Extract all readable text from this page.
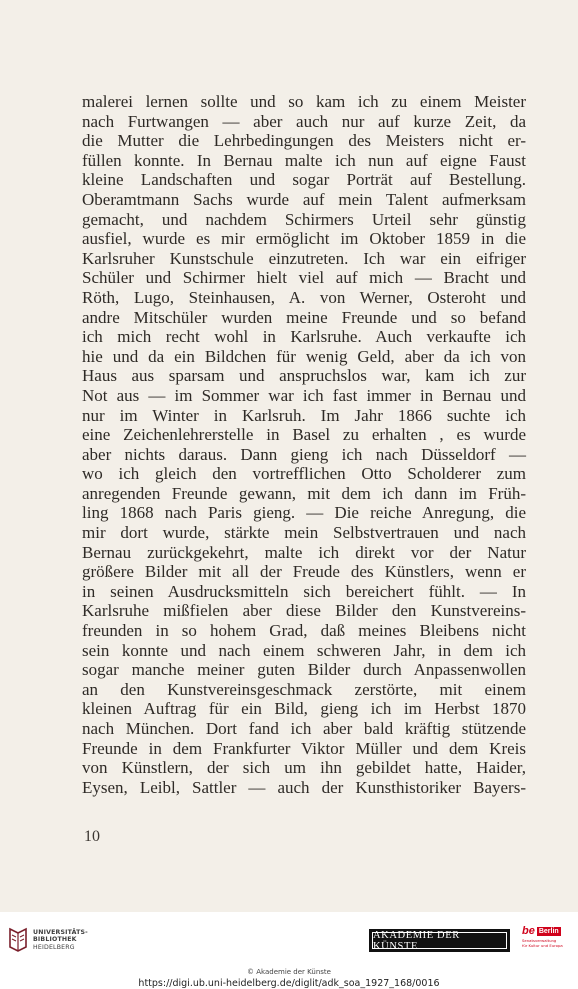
malerei lernen sollte und so kam ich zu einem Meister
nach Furtwangen — aber auch nur auf kurze Zeit, da
die Mutter die Lehrbedingungen des Meisters nicht er-
füllen konnte. In Bernau malte ich nun auf eigne Faust
kleine Landschaften und sogar Porträt auf Bestellung.
Oberamtmann Sachs wurde auf mein Talent aufmerksam
gemacht, und nachdem Schirmers Urteil sehr günstig
ausfiel, wurde es mir ermöglicht im Oktober 1859 in die
Karlsruher Kunstschule einzutreten. Ich war ein eifriger
Schüler und Schirmer hielt viel auf mich — Bracht und
Röth, Lugo, Steinhausen, A. von Werner, Osteroht und
andre Mitschüler wurden meine Freunde und so befand
ich mich recht wohl in Karlsruhe. Auch verkaufte ich
hie und da ein Bildchen für wenig Geld, aber da ich von
Haus aus sparsam und anspruchslos war, kam ich zur
Not aus — im Sommer war ich fast immer in Bernau und
nur im Winter in Karlsruh. Im Jahr 1866 suchte ich
eine Zeichenlehrerstelle in Basel zu erhalten , es wurde
aber nichts daraus. Dann gieng ich nach Düsseldorf —
wo ich gleich den vortrefflichen Otto Scholderer zum
anregenden Freunde gewann, mit dem ich dann im Früh-
ling 1868 nach Paris gieng. — Die reiche Anregung, die
mir dort wurde, stärkte mein Selbstvertrauen und nach
Bernau zurückgekehrt, malte ich direkt vor der Natur
größere Bilder mit all der Freude des Künstlers, wenn er
in seinen Ausdrucksmitteln sich bereichert fühlt. — In
Karlsruhe mißfielen aber diese Bilder den Kunstvereins-
freunden in so hohem Grad, daß meines Bleibens nicht
sein konnte und nach einem schweren Jahr, in dem ich
sogar manche meiner guten Bilder durch Anpassenwollen
an den Kunstvereinsgeschmack zerstörte, mit einem
kleinen Auftrag für ein Bild, gieng ich im Herbst 1870
nach München. Dort fand ich aber bald kräftig stützende
Freunde in dem Frankfurter Viktor Müller und dem Kreis
von Künstlern, der sich um ihn gebildet hatte, Haider,
Eysen, Leibl, Sattler — auch der Kunsthistoriker Bayers-
10
UNIVERSITÄTS-
BIBLIOTHEK
HEIDELBERG
AKADEMIE DER KÜNSTE
be Berlin
Senatsverwaltung
für Kultur und Europa
© Akademie der Künste
https://digi.ub.uni-heidelberg.de/diglit/adk_soa_1927_168/0016
